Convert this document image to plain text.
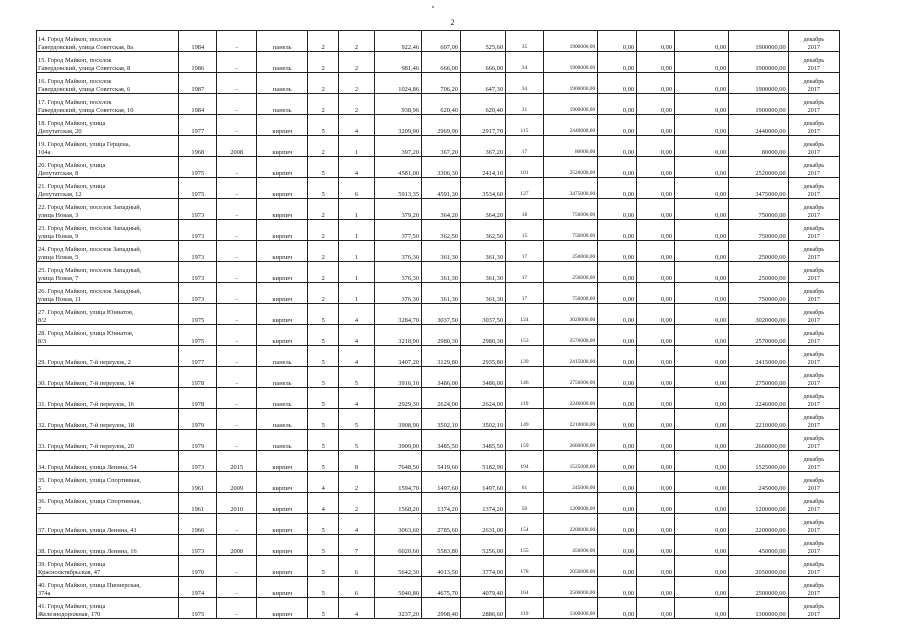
2
14. Город Майкоп, поселок
Гавердовский, улица Советская, 8а	1984	-	панель	2	2	922,46	607,00	525,60	35	1900000,00	0,00	0,00	0,00	1900000,00	декабрь
2017

15. Город Майкоп, поселок
Гавердовский, улица Советская, 8	1986	-	панель	2	2	981,46	666,00	666,00	34	1900000,00	0,00	0,00	0,00	1900000,00	декабрь
2017

16. Город Майкоп, поселок
Гавердовский, улица Советская, 6	1987	-	панель	2	2	1024,86	706,20	647,30	34	1900000,00	0,00	0,00	0,00	1900000,00	декабрь
2017

17. Город Майкоп, поселок
Гавердовский, улица Советская, 10	1984	-	панель	2	2	938,96	620,40	620,40	31	1900000,00	0,00	0,00	0,00	1900000,00	декабрь
2017

18. Город Майкоп, улица
Депутатская, 20	1977	-	кирпич	5	4	3209,90	2969,90	2917,70	115	2440000,00	0,00	0,00	0,00	2440000,00	декабрь
2017

19. Город Майкоп, улица Герцена,
104а	1968	2008	кирпич	2	1	397,20	367,20	367,20	17	80000,00	0,00	0,00	0,00	80000,00	декабрь
2017

20. Город Майкоп, улица
Депутатская, 8	1975	-	кирпич	5	4	4581,00	3306,30	2414,10	101	2520000,00	0,00	0,00	0,00	2520000,00	декабрь
2017

21. Город Майкоп, улица
Депутатская, 12	1975	-	кирпич	5	6	5913,35	4591,30	3534,60	127	3475000,00	0,00	0,00	0,00	3475000,00	декабрь
2017

22. Город Майкоп, поселок Западный,
улица Новая, 3	1973	-	кирпич	2	1	379,20	364,20	364,20	18	750000,00	0,00	0,00	0,00	750000,00	декабрь
2017

23. Город Майкоп, поселок Западный,
улица Новая, 9	1973	-	кирпич	2	1	377,50	362,50	362,50	15	750000,00	0,00	0,00	0,00	750000,00	декабрь
2017

24. Город Майкоп, поселок Западный,
улица Новая, 5	1973	-	кирпич	2	1	376,30	361,30	361,30	17	250000,00	0,00	0,00	0,00	250000,00	декабрь
2017

25. Город Майкоп, поселок Западный,
улица Новая, 7	1973	-	кирпич	2	1	376,30	361,30	361,30	17	250000,00	0,00	0,00	0,00	250000,00	декабрь
2017

26. Город Майкоп, поселок Западный,
улица Новая, 11	1973	-	кирпич	2	1	376,30	361,30	361,30	17	750000,00	0,00	0,00	0,00	750000,00	декабрь
2017

27. Город Майкоп, улица Юннатов,
8/2	1975	-	кирпич	5	4	3284,70	3037,50	3037,50	124	3020000,00	0,00	0,00	0,00	3020000,00	декабрь
2017

28. Город Майкоп, улица Юннатов,
8/3	1975	-	кирпич	5	4	3218,90	2980,30	2980,30	153	2570000,00	0,00	0,00	0,00	2570000,00	декабрь
2017

29. Город Майкоп, 7-й переулок, 2	1977	-	панель	5	4	3407,20	3129,80	2935,80	139	2415000,00	0,00	0,00	0,00	2415000,00	декабрь
2017

30. Город Майкоп, 7-й переулок, 14	1978	-	панель	5	5	3916,10	3486,00	3486,00	146	2750000,00	0,00	0,00	0,00	2750000,00	декабрь
2017

31. Город Майкоп, 7-й переулок, 16	1978	-	панель	5	4	2929,30	2624,00	2624,00	119	2246000,00	0,00	0,00	0,00	2246000,00	декабрь
2017

32. Город Майкоп, 7-й переулок, 18	1979	-	панель	5	5	3908,90	3502,10	3502,10	149	2210000,00	0,00	0,00	0,00	2210000,00	декабрь
2017

33. Город Майкоп, 7-й переулок, 20	1979	-	панель	5	5	3909,00	3485,50	3485,50	159	2660000,00	0,00	0,00	0,00	2660000,00	декабрь
2017

34. Город Майкоп, улица Ленина, 54	1973	2015	кирпич	5	8	7648,50	5419,60	5182,90	194	1525000,00	0,00	0,00	0,00	1525000,00	декабрь
2017

35. Город Майкоп, улица Спортивная,
5	1961	2009	кирпич	4	2	1594,70	1497,60	1497,60	61	245000,00	0,00	0,00	0,00	245000,00	декабрь
2017

36. Город Майкоп, улица Спортивная,
7	1961	2010	кирпич	4	2	1568,20	1374,20	1374,20	50	1200000,00	0,00	0,00	0,00	1200000,00	декабрь
2017

37. Город Майкоп, улица Ленина, 41	1966	-	кирпич	5	4	3063,60	2785,60	2631,00	154	2200000,00	0,00	0,00	0,00	2200000,00	декабрь
2017

38. Город Майкоп, улица Ленина, 16	1973	2008	кирпич	5	7	6020,60	5583,80	5256,00	155	450000,00	0,00	0,00	0,00	450000,00	декабрь
2017

39. Город Майкоп, улица
Краснооктябрьская, 47	1970	-	кирпич	5	6	5642,30	4013,50	3774,00	178	2050000,00	0,00	0,00	0,00	2050000,00	декабрь
2017

40. Город Майкоп, улица Пионерская,
374а	1974	-	кирпич	5	6	5040,80	4675,70	4079,40	164	2500000,00	0,00	0,00	0,00	2500000,00	декабрь
2017

41. Город Майкоп, улица
Железнодорожная, 170	1975	-	кирпич	5	4	3237,20	2998,40	2886,60	119	1300000,00	0,00	0,00	0,00	1300000,00	декабрь
2017
